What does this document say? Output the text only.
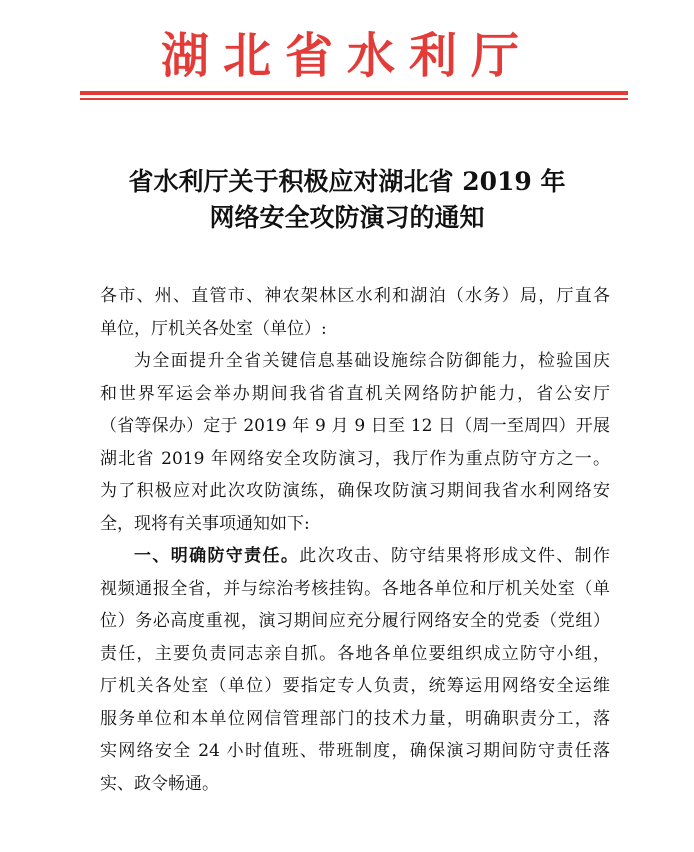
湖北省水利厅
省水利厅关于积极应对湖北省 2019 年
网络安全攻防演习的通知
各市、州、直管市、神农架林区水利和湖泊（水务）局，厅直各
单位，厅机关各处室（单位）:
为全面提升全省关键信息基础设施综合防御能力，检验国庆
和世界军运会举办期间我省省直机关网络防护能力，省公安厅
（省等保办）定于 2019 年 9 月 9 日至 12 日（周一至周四）开展
湖北省 2019 年网络安全攻防演习，我厅作为重点防守方之一。
为了积极应对此次攻防演练，确保攻防演习期间我省水利网络安
全，现将有关事项通知如下:
一、明确防守责任。此次攻击、防守结果将形成文件、制作
视频通报全省，并与综治考核挂钩。各地各单位和厅机关处室（单
位）务必高度重视，演习期间应充分履行网络安全的党委（党组）
责任，主要负责同志亲自抓。各地各单位要组织成立防守小组，
厅机关各处室（单位）要指定专人负责，统筹运用网络安全运维
服务单位和本单位网信管理部门的技术力量，明确职责分工，落
实网络安全 24 小时值班、带班制度，确保演习期间防守责任落
实、政令畅通。
